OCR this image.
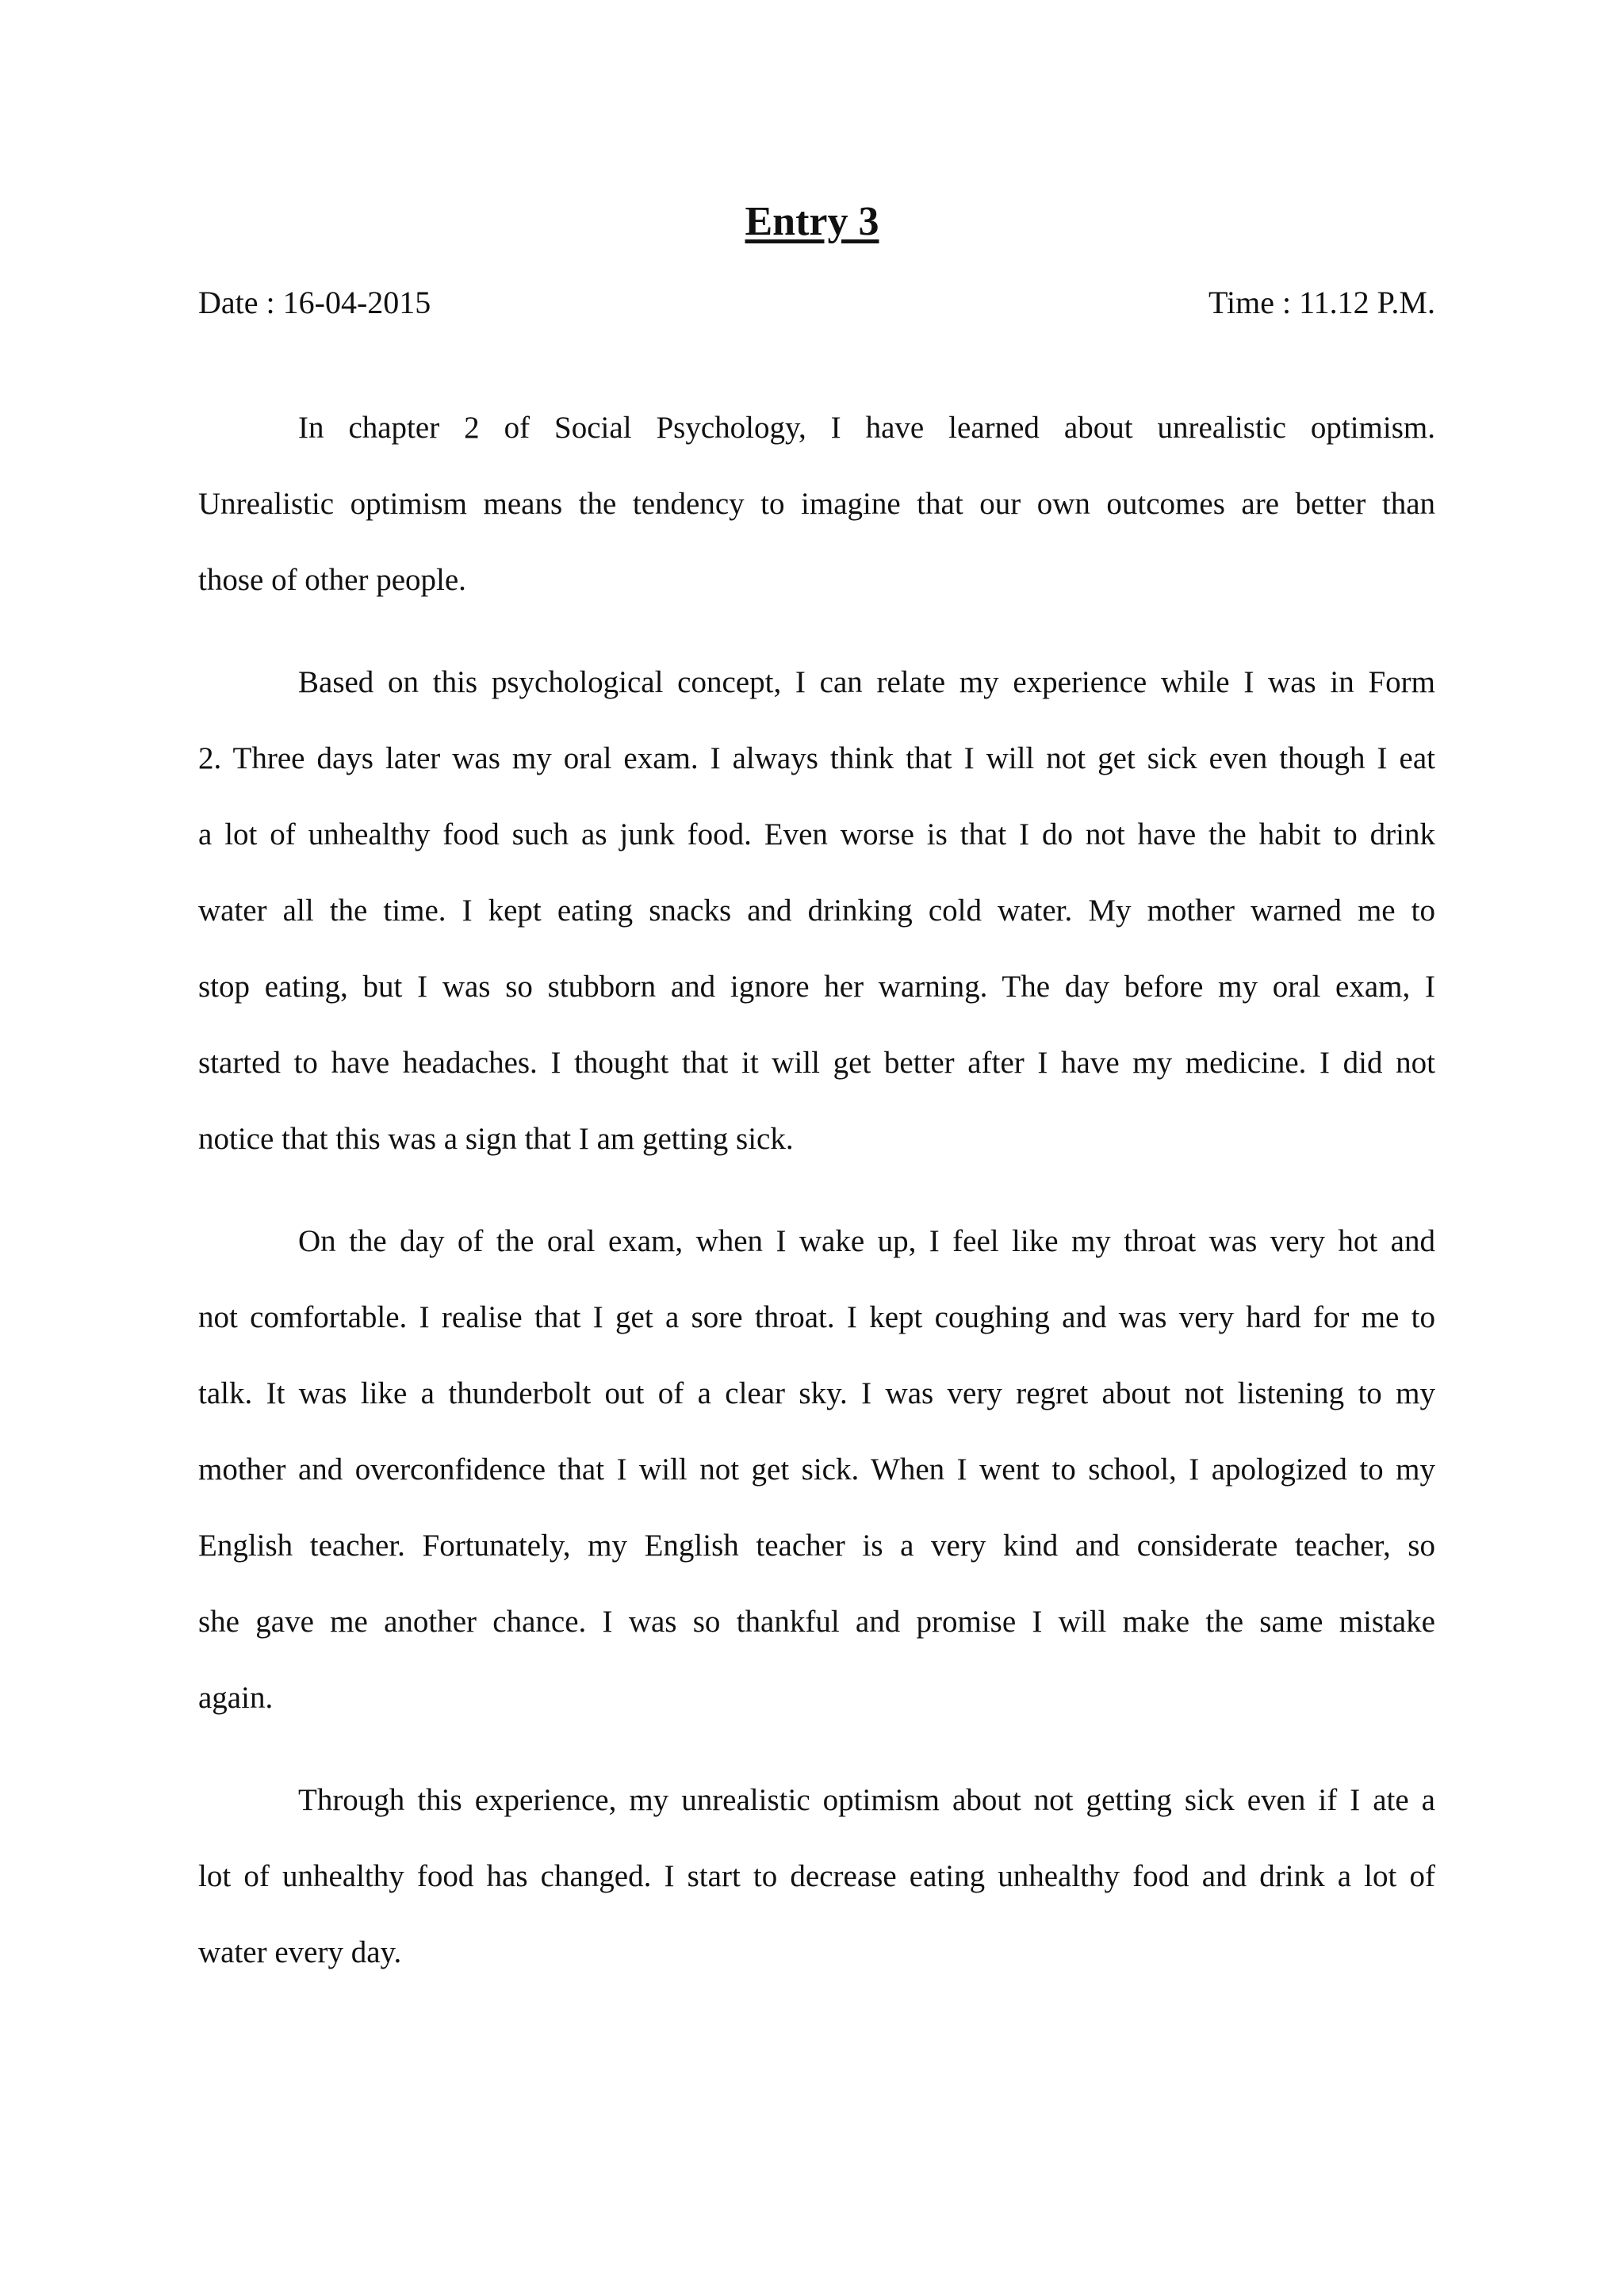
Entry 3
Date : 16-04-2015	Time : 11.12 P.M.
In chapter 2 of Social Psychology, I have learned about unrealistic optimism.
Unrealistic optimism means the tendency to imagine that our own outcomes are better than
those of other people.
Based on this psychological concept, I can relate my experience while I was in Form
2. Three days later was my oral exam. I always think that I will not get sick even though I eat
a lot of unhealthy food such as junk food. Even worse is that I do not have the habit to drink
water all the time. I kept eating snacks and drinking cold water. My mother warned me to
stop eating, but I was so stubborn and ignore her warning. The day before my oral exam, I
started to have headaches. I thought that it will get better after I have my medicine. I did not
notice that this was a sign that I am getting sick.
On the day of the oral exam, when I wake up, I feel like my throat was very hot and
not comfortable. I realise that I get a sore throat. I kept coughing and was very hard for me to
talk. It was like a thunderbolt out of a clear sky. I was very regret about not listening to my
mother and overconfidence that I will not get sick. When I went to school, I apologized to my
English teacher. Fortunately, my English teacher is a very kind and considerate teacher, so
she gave me another chance. I was so thankful and promise I will make the same mistake
again.
Through this experience, my unrealistic optimism about not getting sick even if I ate a
lot of unhealthy food has changed. I start to decrease eating unhealthy food and drink a lot of
water every day.
